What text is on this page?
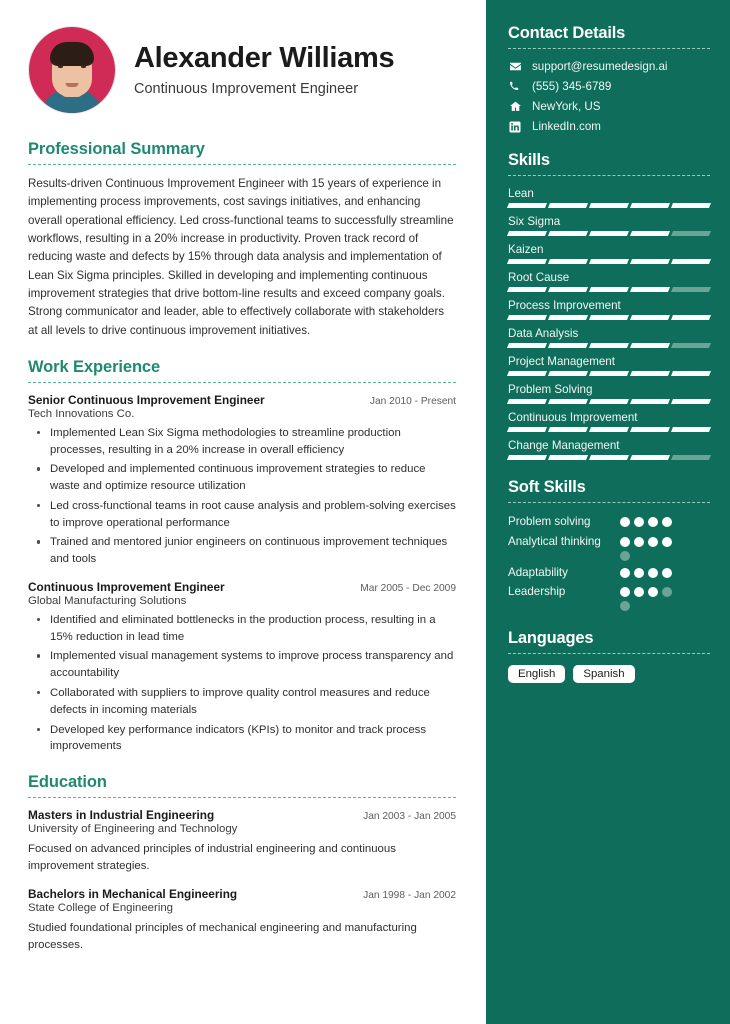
Alexander Williams
Continuous Improvement Engineer
Professional Summary
Results-driven Continuous Improvement Engineer with 15 years of experience in implementing process improvements, cost savings initiatives, and enhancing overall operational efficiency. Led cross-functional teams to successfully streamline workflows, resulting in a 20% increase in productivity. Proven track record of reducing waste and defects by 15% through data analysis and implementation of Lean Six Sigma principles. Skilled in developing and implementing continuous improvement strategies that drive bottom-line results and exceed company goals. Strong communicator and leader, able to effectively collaborate with stakeholders at all levels to drive continuous improvement initiatives.
Work Experience
Senior Continuous Improvement Engineer	Jan 2010 - Present
Tech Innovations Co.
Implemented Lean Six Sigma methodologies to streamline production processes, resulting in a 20% increase in overall efficiency
Developed and implemented continuous improvement strategies to reduce waste and optimize resource utilization
Led cross-functional teams in root cause analysis and problem-solving exercises to improve operational performance
Trained and mentored junior engineers on continuous improvement techniques and tools
Continuous Improvement Engineer	Mar 2005 - Dec 2009
Global Manufacturing Solutions
Identified and eliminated bottlenecks in the production process, resulting in a 15% reduction in lead time
Implemented visual management systems to improve process transparency and accountability
Collaborated with suppliers to improve quality control measures and reduce defects in incoming materials
Developed key performance indicators (KPIs) to monitor and track process improvements
Education
Masters in Industrial Engineering	Jan 2003 - Jan 2005
University of Engineering and Technology
Focused on advanced principles of industrial engineering and continuous improvement strategies.
Bachelors in Mechanical Engineering	Jan 1998 - Jan 2002
State College of Engineering
Studied foundational principles of mechanical engineering and manufacturing processes.
Contact Details
support@resumedesign.ai
(555) 345-6789
NewYork, US
LinkedIn.com
Skills
Lean
Six Sigma
Kaizen
Root Cause
Process Improvement
Data Analysis
Project Management
Problem Solving
Continuous Improvement
Change Management
Soft Skills
Problem solving
Analytical thinking
Adaptability
Leadership
Languages
English	Spanish
